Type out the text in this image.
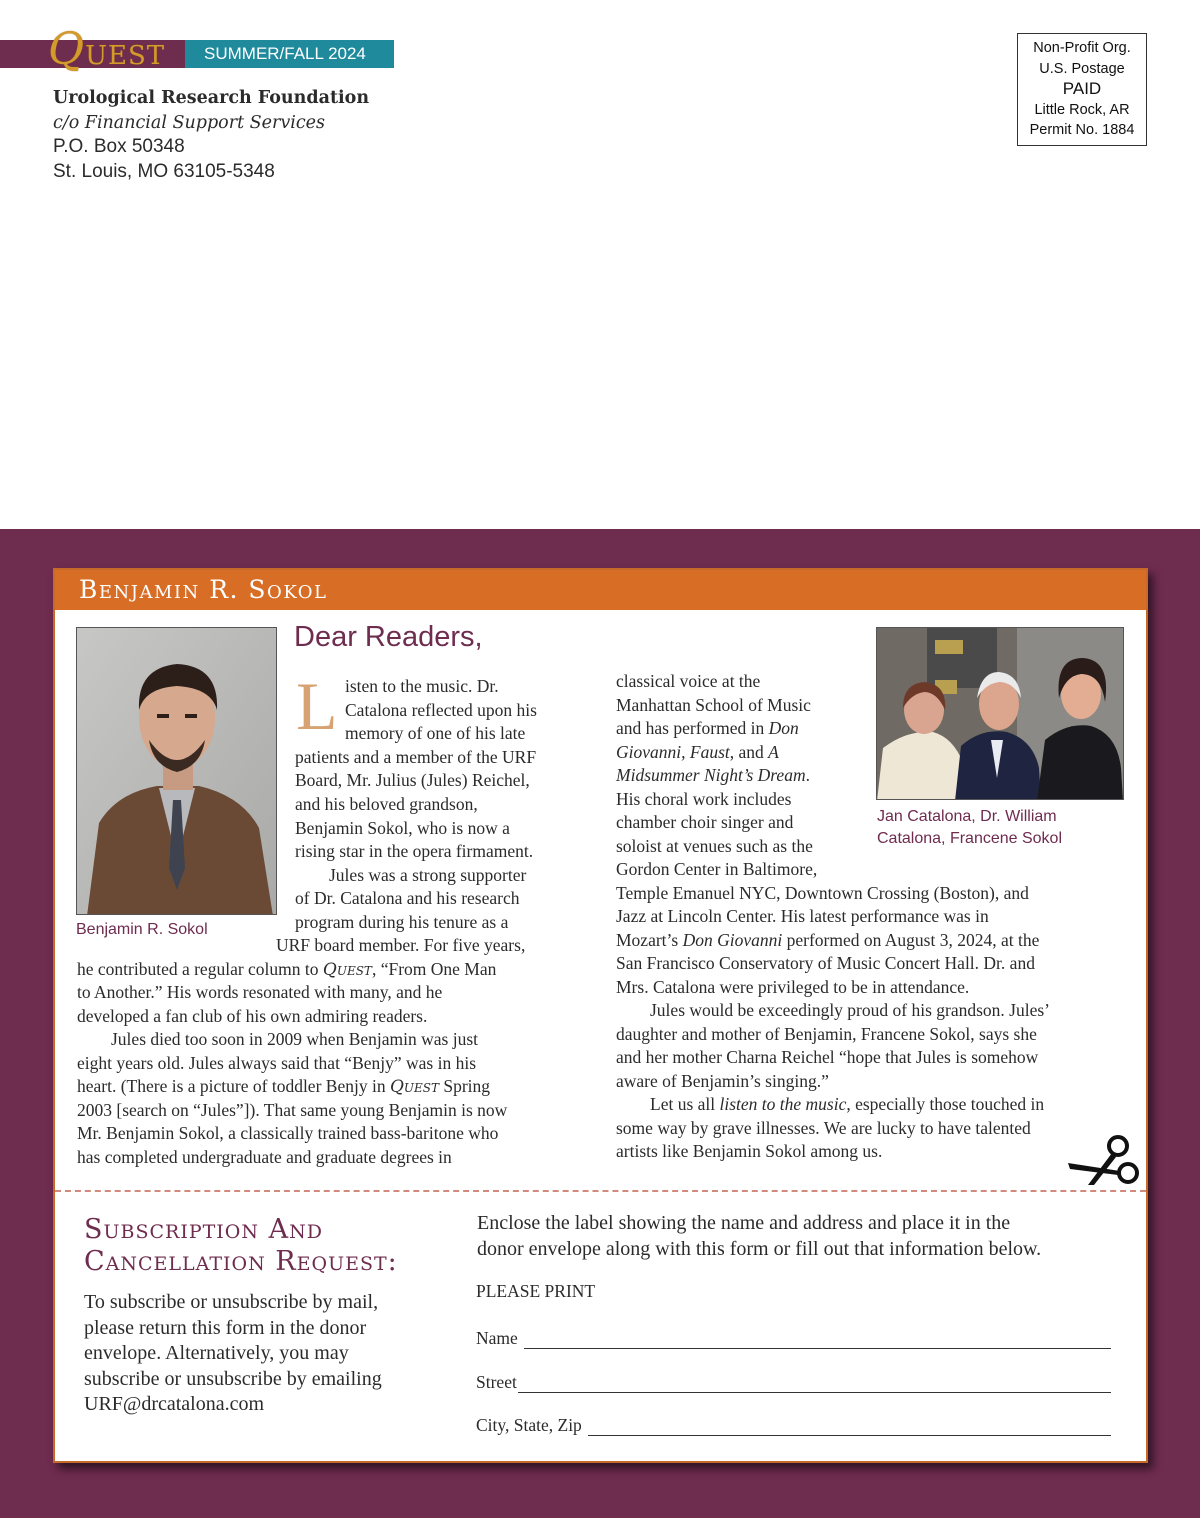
SUMMER/FALL 2024
QUEST
Urological Research Foundation
c/o Financial Support Services
P.O. Box 50348
St. Louis, MO 63105-5348
Non-Profit Org.
U.S. Postage
PAID
Little Rock, AR
Permit No. 1884
Benjamin R. Sokol
Benjamin R. Sokol
Jan Catalona, Dr. William Catalona, Francene Sokol
Dear Readers,
L isten to the music. Dr.
Catalona reflected upon his
memory of one of his late
patients and a member of the URF
Board, Mr. Julius (Jules) Reichel,
and his beloved grandson,
Benjamin Sokol, who is now a
rising star in the opera firmament.
Jules was a strong supporter
of Dr. Catalona and his research
program during his tenure as a
URF board member. For five years,
he contributed a regular column to Quest, “From One Man
to Another.” His words resonated with many, and he
developed a fan club of his own admiring readers.
Jules died too soon in 2009 when Benjamin was just
eight years old. Jules always said that “Benjy” was in his
heart. (There is a picture of toddler Benjy in Quest Spring
2003 [search on “Jules”]). That same young Benjamin is now
Mr. Benjamin Sokol, a classically trained bass-baritone who
has completed undergraduate and graduate degrees in
classical voice at the
Manhattan School of Music
and has performed in Don
Giovanni, Faust, and A
Midsummer Night’s Dream.
His choral work includes
chamber choir singer and
soloist at venues such as the
Gordon Center in Baltimore,
Temple Emanuel NYC, Downtown Crossing (Boston), and
Jazz at Lincoln Center. His latest performance was in
Mozart’s Don Giovanni performed on August 3, 2024, at the
San Francisco Conservatory of Music Concert Hall. Dr. and
Mrs. Catalona were privileged to be in attendance.
Jules would be exceedingly proud of his grandson. Jules’
daughter and mother of Benjamin, Francene Sokol, says she
and her mother Charna Reichel “hope that Jules is somehow
aware of Benjamin’s singing.”
Let us all listen to the music, especially those touched in
some way by grave illnesses. We are lucky to have talented
artists like Benjamin Sokol among us.
Subscription And
Cancellation Request:
To subscribe or unsubscribe by mail,
please return this form in the donor
envelope. Alternatively, you may
subscribe or unsubscribe by emailing
URF@drcatalona.com
Enclose the label showing the name and address and place it in the
donor envelope along with this form or fill out that information below.
PLEASE PRINT
Name
Street
City, State, Zip
